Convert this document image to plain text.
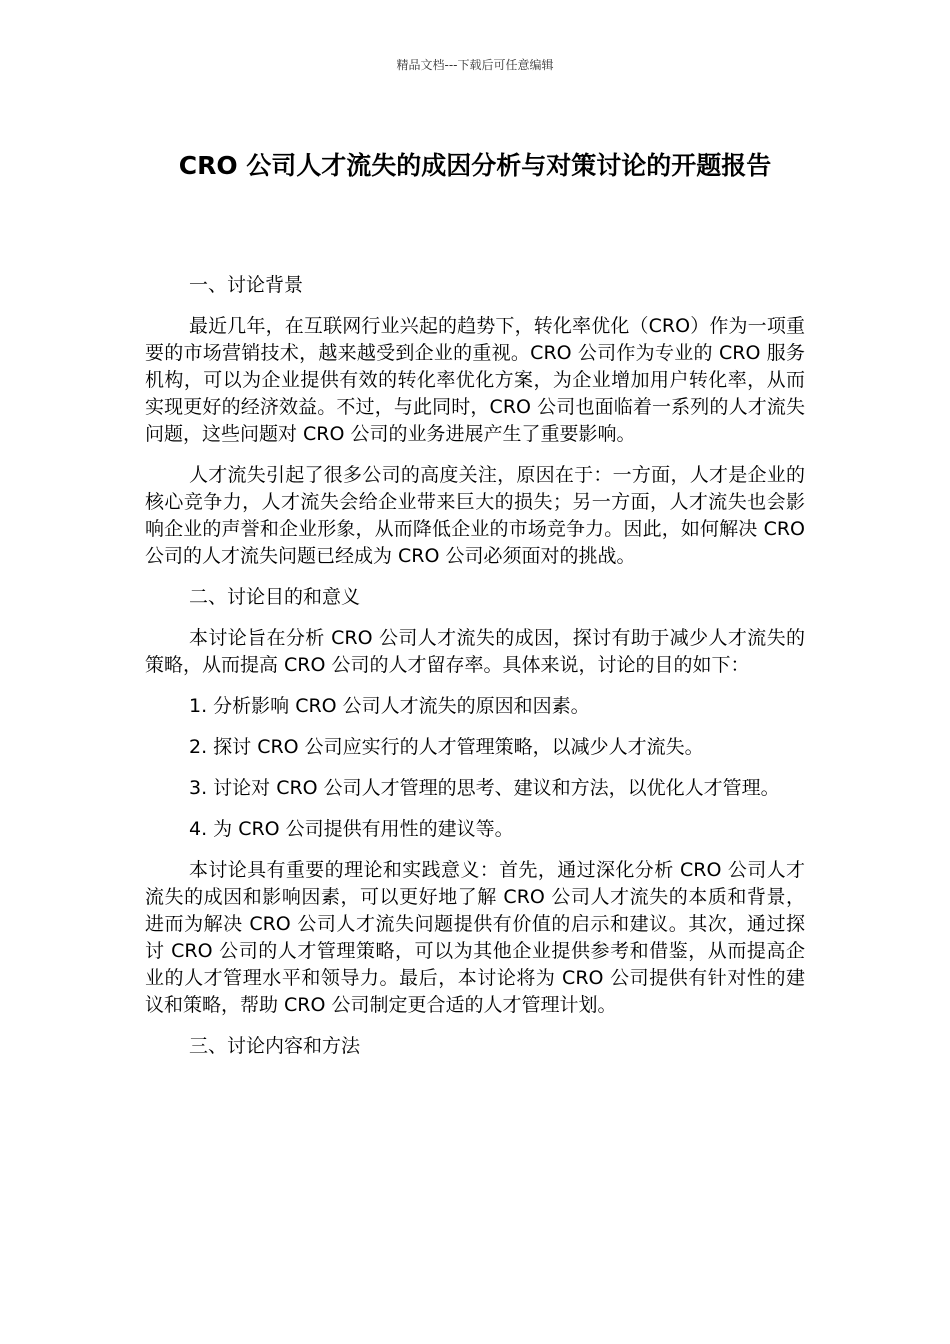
精品文档---下载后可任意编辑
CRO 公司人才流失的成因分析与对策讨论的开题报告

一、讨论背景

最近几年，在互联网行业兴起的趋势下，转化率优化（CRO）作为一项重要的市场营销技术，越来越受到企业的重视。CRO 公司作为专业的 CRO 服务机构，可以为企业提供有效的转化率优化方案，为企业增加用户转化率，从而实现更好的经济效益。不过，与此同时，CRO 公司也面临着一系列的人才流失问题，这些问题对 CRO 公司的业务进展产生了重要影响。

人才流失引起了很多公司的高度关注，原因在于：一方面，人才是企业的核心竞争力，人才流失会给企业带来巨大的损失；另一方面，人才流失也会影响企业的声誉和企业形象，从而降低企业的市场竞争力。因此，如何解决 CRO 公司的人才流失问题已经成为 CRO 公司必须面对的挑战。

二、讨论目的和意义

本讨论旨在分析 CRO 公司人才流失的成因，探讨有助于减少人才流失的策略，从而提高 CRO 公司的人才留存率。具体来说，讨论的目的如下：

1. 分析影响 CRO 公司人才流失的原因和因素。

2. 探讨 CRO 公司应实行的人才管理策略，以减少人才流失。

3. 讨论对 CRO 公司人才管理的思考、建议和方法，以优化人才管理。

4. 为 CRO 公司提供有用性的建议等。

本讨论具有重要的理论和实践意义：首先，通过深化分析 CRO 公司人才流失的成因和影响因素，可以更好地了解 CRO 公司人才流失的本质和背景，进而为解决 CRO 公司人才流失问题提供有价值的启示和建议。其次，通过探讨 CRO 公司的人才管理策略，可以为其他企业提供参考和借鉴，从而提高企业的人才管理水平和领导力。最后，本讨论将为 CRO 公司提供有针对性的建议和策略，帮助 CRO 公司制定更合适的人才管理计划。

三、讨论内容和方法
